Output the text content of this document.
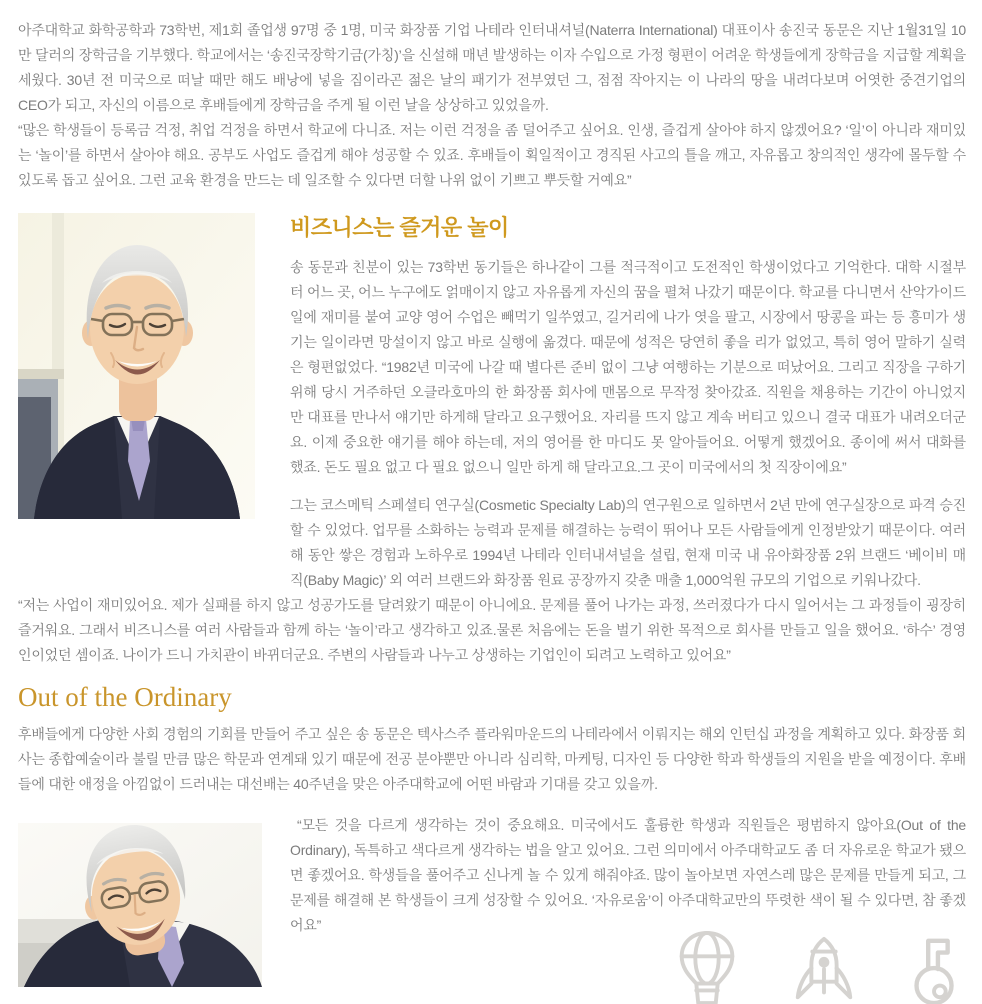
아주대학교 화학공학과 73학번, 제1회 졸업생 97명 중 1명, 미국 화장품 기업 나테라 인터내셔널(Naterra International) 대표이사 송진국 동문은 지난 1월31일 10만 달러의 장학금을 기부했다. 학교에서는 ‘송진국장학기금(가칭)’을 신설해 매년 발생하는 이자 수입으로 가정 형편이 어려운 학생들에게 장학금을 지급할 계획을 세웠다. 30년 전 미국으로 떠날 때만 해도 배낭에 넣을 짐이라곤 젊은 날의 패기가 전부였던 그, 점점 작아지는 이 나라의 땅을 내려다보며 어엿한 중견기업의 CEO가 되고, 자신의 이름으로 후배들에게 장학금을 주게 될 이런 날을 상상하고 있었을까.

“많은 학생들이 등록금 걱정, 취업 걱정을 하면서 학교에 다니죠. 저는 이런 걱정을 좀 덜어주고 싶어요. 인생, 즐겁게 살아야 하지 않겠어요? ‘일’이 아니라 재미있는 ‘놀이’를 하면서 살아야 해요. 공부도 사업도 즐겁게 해야 성공할 수 있죠. 후배들이 획일적이고 경직된 사고의 틀을 깨고, 자유롭고 창의적인 생각에 몰두할 수 있도록 돕고 싶어요. 그런 교육 환경을 만드는 데 일조할 수 있다면 더할 나위 없이 기쁘고 뿌듯할 거예요”

비즈니스는 즐거운 놀이

송 동문과 친분이 있는 73학번 동기들은 하나같이 그를 적극적이고 도전적인 학생이었다고 기억한다. 대학 시절부터 어느 곳, 어느 누구에도 얽매이지 않고 자유롭게 자신의 꿈을 펼쳐 나갔기 때문이다. 학교를 다니면서 산악가이드 일에 재미를 붙여 교양 영어 수업은 빼먹기 일쑤였고, 길거리에 나가 엿을 팔고, 시장에서 땅콩을 파는 등 흥미가 생기는 일이라면 망설이지 않고 바로 실행에 옮겼다. 때문에 성적은 당연히 좋을 리가 없었고, 특히 영어 말하기 실력은 형편없었다. “1982년 미국에 나갈 때 별다른 준비 없이 그냥 여행하는 기분으로 떠났어요. 그리고 직장을 구하기 위해 당시 거주하던 오클라호마의 한 화장품 회사에 맨몸으로 무작정 찾아갔죠. 직원을 채용하는 기간이 아니었지만 대표를 만나서 얘기만 하게해 달라고 요구했어요. 자리를 뜨지 않고 계속 버티고 있으니 결국 대표가 내려오더군요. 이제 중요한 얘기를 해야 하는데, 저의 영어를 한 마디도 못 알아들어요. 어떻게 했겠어요. 종이에 써서 대화를 했죠. 돈도 필요 없고 다 필요 없으니 일만 하게 해 달라고요.그 곳이 미국에서의 첫 직장이에요”

그는 코스메틱 스페셜티 연구실(Cosmetic Specialty Lab)의 연구원으로 일하면서 2년 만에 연구실장으로 파격 승진할 수 있었다. 업무를 소화하는 능력과 문제를 해결하는 능력이 뛰어나 모든 사람들에게 인정받았기 때문이다. 여러 해 동안 쌓은 경험과 노하우로 1994년 나테라 인터내셔널을 설립, 현재 미국 내 유아화장품 2위 브랜드 ‘베이비 매직(Baby Magic)’ 외 여러 브랜드와 화장품 원료 공장까지 갖춘 매출 1,000억원 규모의 기업으로 키워나갔다.

“저는 사업이 재미있어요. 제가 실패를 하지 않고 성공가도를 달려왔기 때문이 아니에요. 문제를 풀어 나가는 과정, 쓰러졌다가 다시 일어서는 그 과정들이 굉장히 즐거워요. 그래서 비즈니스를 여러 사람들과 함께 하는 ‘놀이’라고 생각하고 있죠.물론 처음에는 돈을 벌기 위한 목적으로 회사를 만들고 일을 했어요. ‘하수’ 경영인이었던 셈이죠. 나이가 드니 가치관이 바뀌더군요. 주변의 사람들과 나누고 상생하는 기업인이 되려고 노력하고 있어요”

Out of the Ordinary

후배들에게 다양한 사회 경험의 기회를 만들어 주고 싶은 송 동문은 텍사스주 플라워마운드의 나테라에서 이뤄지는 해외 인턴십 과정을 계획하고 있다. 화장품 회사는 종합예술이라 불릴 만큼 많은 학문과 연계돼 있기 때문에 전공 분야뿐만 아니라 심리학, 마케팅, 디자인 등 다양한 학과 학생들의 지원을 받을 예정이다. 후배들에 대한 애정을 아낌없이 드러내는 대선배는 40주년을 맞은 아주대학교에 어떤 바람과 기대를 갖고 있을까.

“모든 것을 다르게 생각하는 것이 중요해요. 미국에서도 훌륭한 학생과 직원들은 평범하지 않아요(Out of the Ordinary), 독특하고 색다르게 생각하는 법을 알고 있어요. 그런 의미에서 아주대학교도 좀 더 자유로운 학교가 됐으면 좋겠어요. 학생들을 풀어주고 신나게 놀 수 있게 해줘야죠. 많이 놀아보면 자연스레 많은 문제를 만들게 되고, 그 문제를 해결해 본 학생들이 크게 성장할 수 있어요. ‘자유로움’이 아주대학교만의 뚜렷한 색이 될 수 있다면, 참 좋겠어요”
